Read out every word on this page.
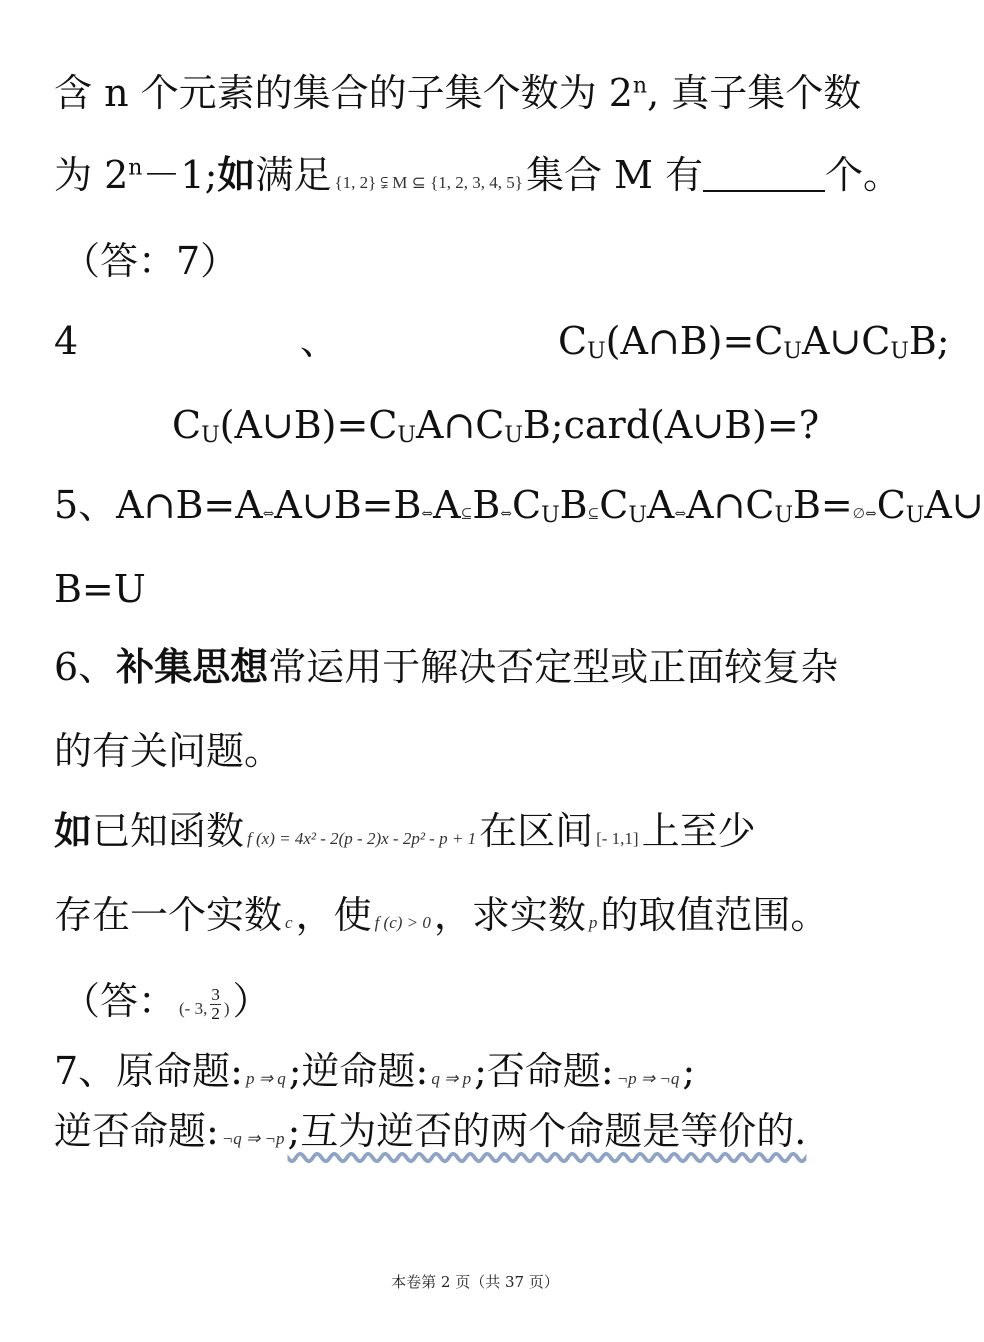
含 n 个元素的集合的子集个数为 2$^n$, 真子集个数
为 $2^n-1$;如满足 {1, 2} ⫋ M ⊆ {1, 2, 3, 4, 5}集合 M 有	个。
（答：7）
4	、	CU(A∩B)=CUA∪CUB;
CU(A∪B)=CUA∩CUB;card(A∪B)=?
5、A∩B=A⇔A∪B=B⇔A⊆B⇔CUB⊆CUA⇔A∩CUB=∅⇔CUA∪
B=U
6、补集思想常运用于解决否定型或正面较复杂
的有关问题。
如已知函数 f (x) = 4x² - 2(p - 2)x - 2p² - p + 1在区间 [- 1,1]上至少
存在一个实数 c，使 f (c) > 0，求实数 p的取值范围。
（答： (- 3, $\frac{3}{2}$ )）
7、原命题: p ⇒ q;逆命题: q ⇒ p;否命题: ¬p ⇒ ¬q;
逆否命题: ¬q ⇒ ¬p;互为逆否的两个命题是等价的.
本卷第 2 页（共 37 页）
